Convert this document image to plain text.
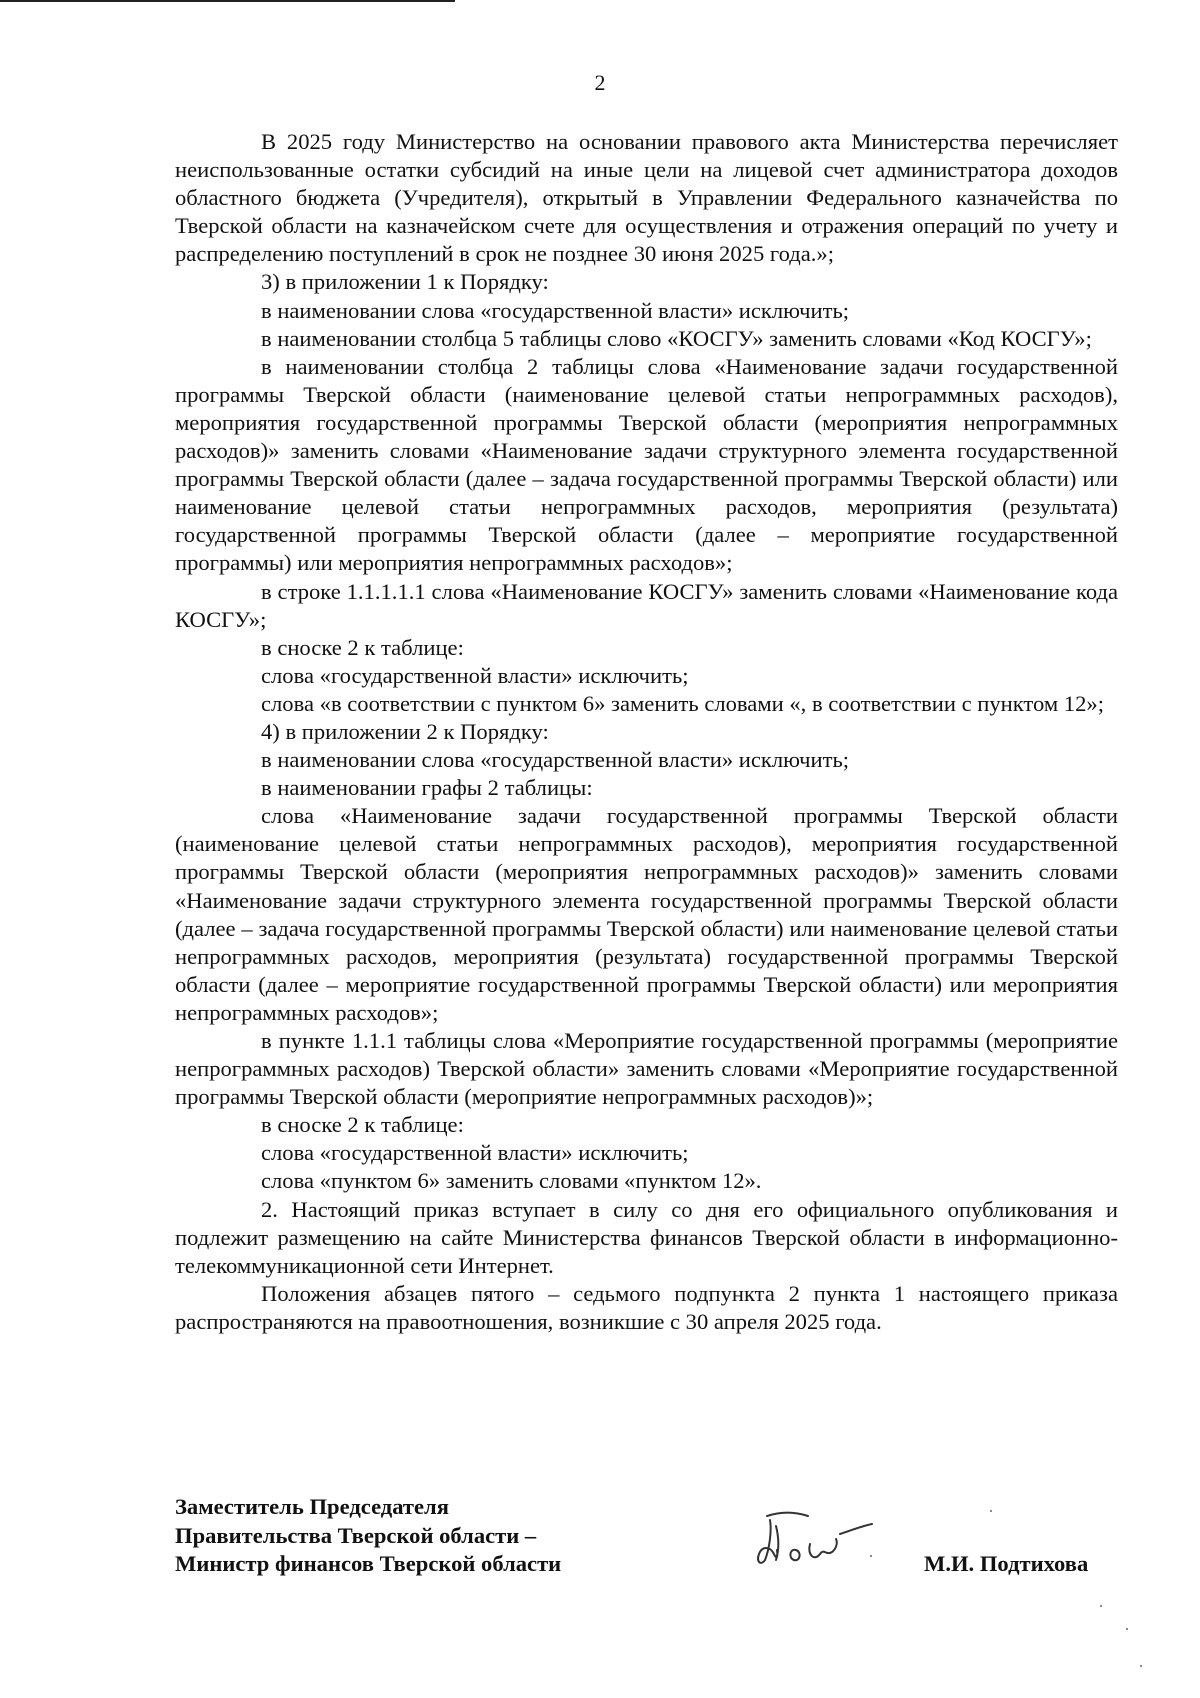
2

В 2025 году Министерство на основании правового акта Министерства перечисляет неиспользованные остатки субсидий на иные цели на лицевой счет администратора доходов областного бюджета (Учредителя), открытый в Управлении Федерального казначейства по Тверской области на казначейском счете для осуществления и отражения операций по учету и распределению поступлений в срок не позднее 30 июня 2025 года.»;

3) в приложении 1 к Порядку:

в наименовании слова «государственной власти» исключить;

в наименовании столбца 5 таблицы слово «КОСГУ» заменить словами «Код КОСГУ»;

в наименовании столбца 2 таблицы слова «Наименование задачи государственной программы Тверской области (наименование целевой статьи непрограммных расходов), мероприятия государственной программы Тверской области (мероприятия непрограммных расходов)» заменить словами «Наименование задачи структурного элемента государственной программы Тверской области (далее – задача государственной программы Тверской области) или наименование целевой статьи непрограммных расходов, мероприятия (результата) государственной программы Тверской области (далее – мероприятие государственной программы) или мероприятия непрограммных расходов»;

в строке 1.1.1.1.1 слова «Наименование КОСГУ» заменить словами «Наименование кода КОСГУ»;

в сноске 2 к таблице:

слова «государственной власти» исключить;

слова «в соответствии с пунктом 6» заменить словами «, в соответствии с пунктом 12»;

4) в приложении 2 к Порядку:

в наименовании слова «государственной власти» исключить;

в наименовании графы 2 таблицы:

слова «Наименование задачи государственной программы Тверской области (наименование целевой статьи непрограммных расходов), мероприятия государственной программы Тверской области (мероприятия непрограммных расходов)» заменить словами «Наименование задачи структурного элемента государственной программы Тверской области (далее – задача государственной программы Тверской области) или наименование целевой статьи непрограммных расходов, мероприятия (результата) государственной программы Тверской области (далее – мероприятие государственной программы Тверской области) или мероприятия непрограммных расходов»;

в пункте 1.1.1 таблицы слова «Мероприятие государственной программы (мероприятие непрограммных расходов) Тверской области» заменить словами «Мероприятие государственной программы Тверской области (мероприятие непрограммных расходов)»;

в сноске 2 к таблице:

слова «государственной власти» исключить;

слова «пунктом 6» заменить словами «пунктом 12».

2. Настоящий приказ вступает в силу со дня его официального опубликования и подлежит размещению на сайте Министерства финансов Тверской области в информационно-телекоммуникационной сети Интернет.

Положения абзацев пятого – седьмого подпункта 2 пункта 1 настоящего приказа распространяются на правоотношения, возникшие с 30 апреля 2025 года.

Заместитель Председателя
Правительства Тверской области –
Министр финансов Тверской области	М.И. Подтихова
